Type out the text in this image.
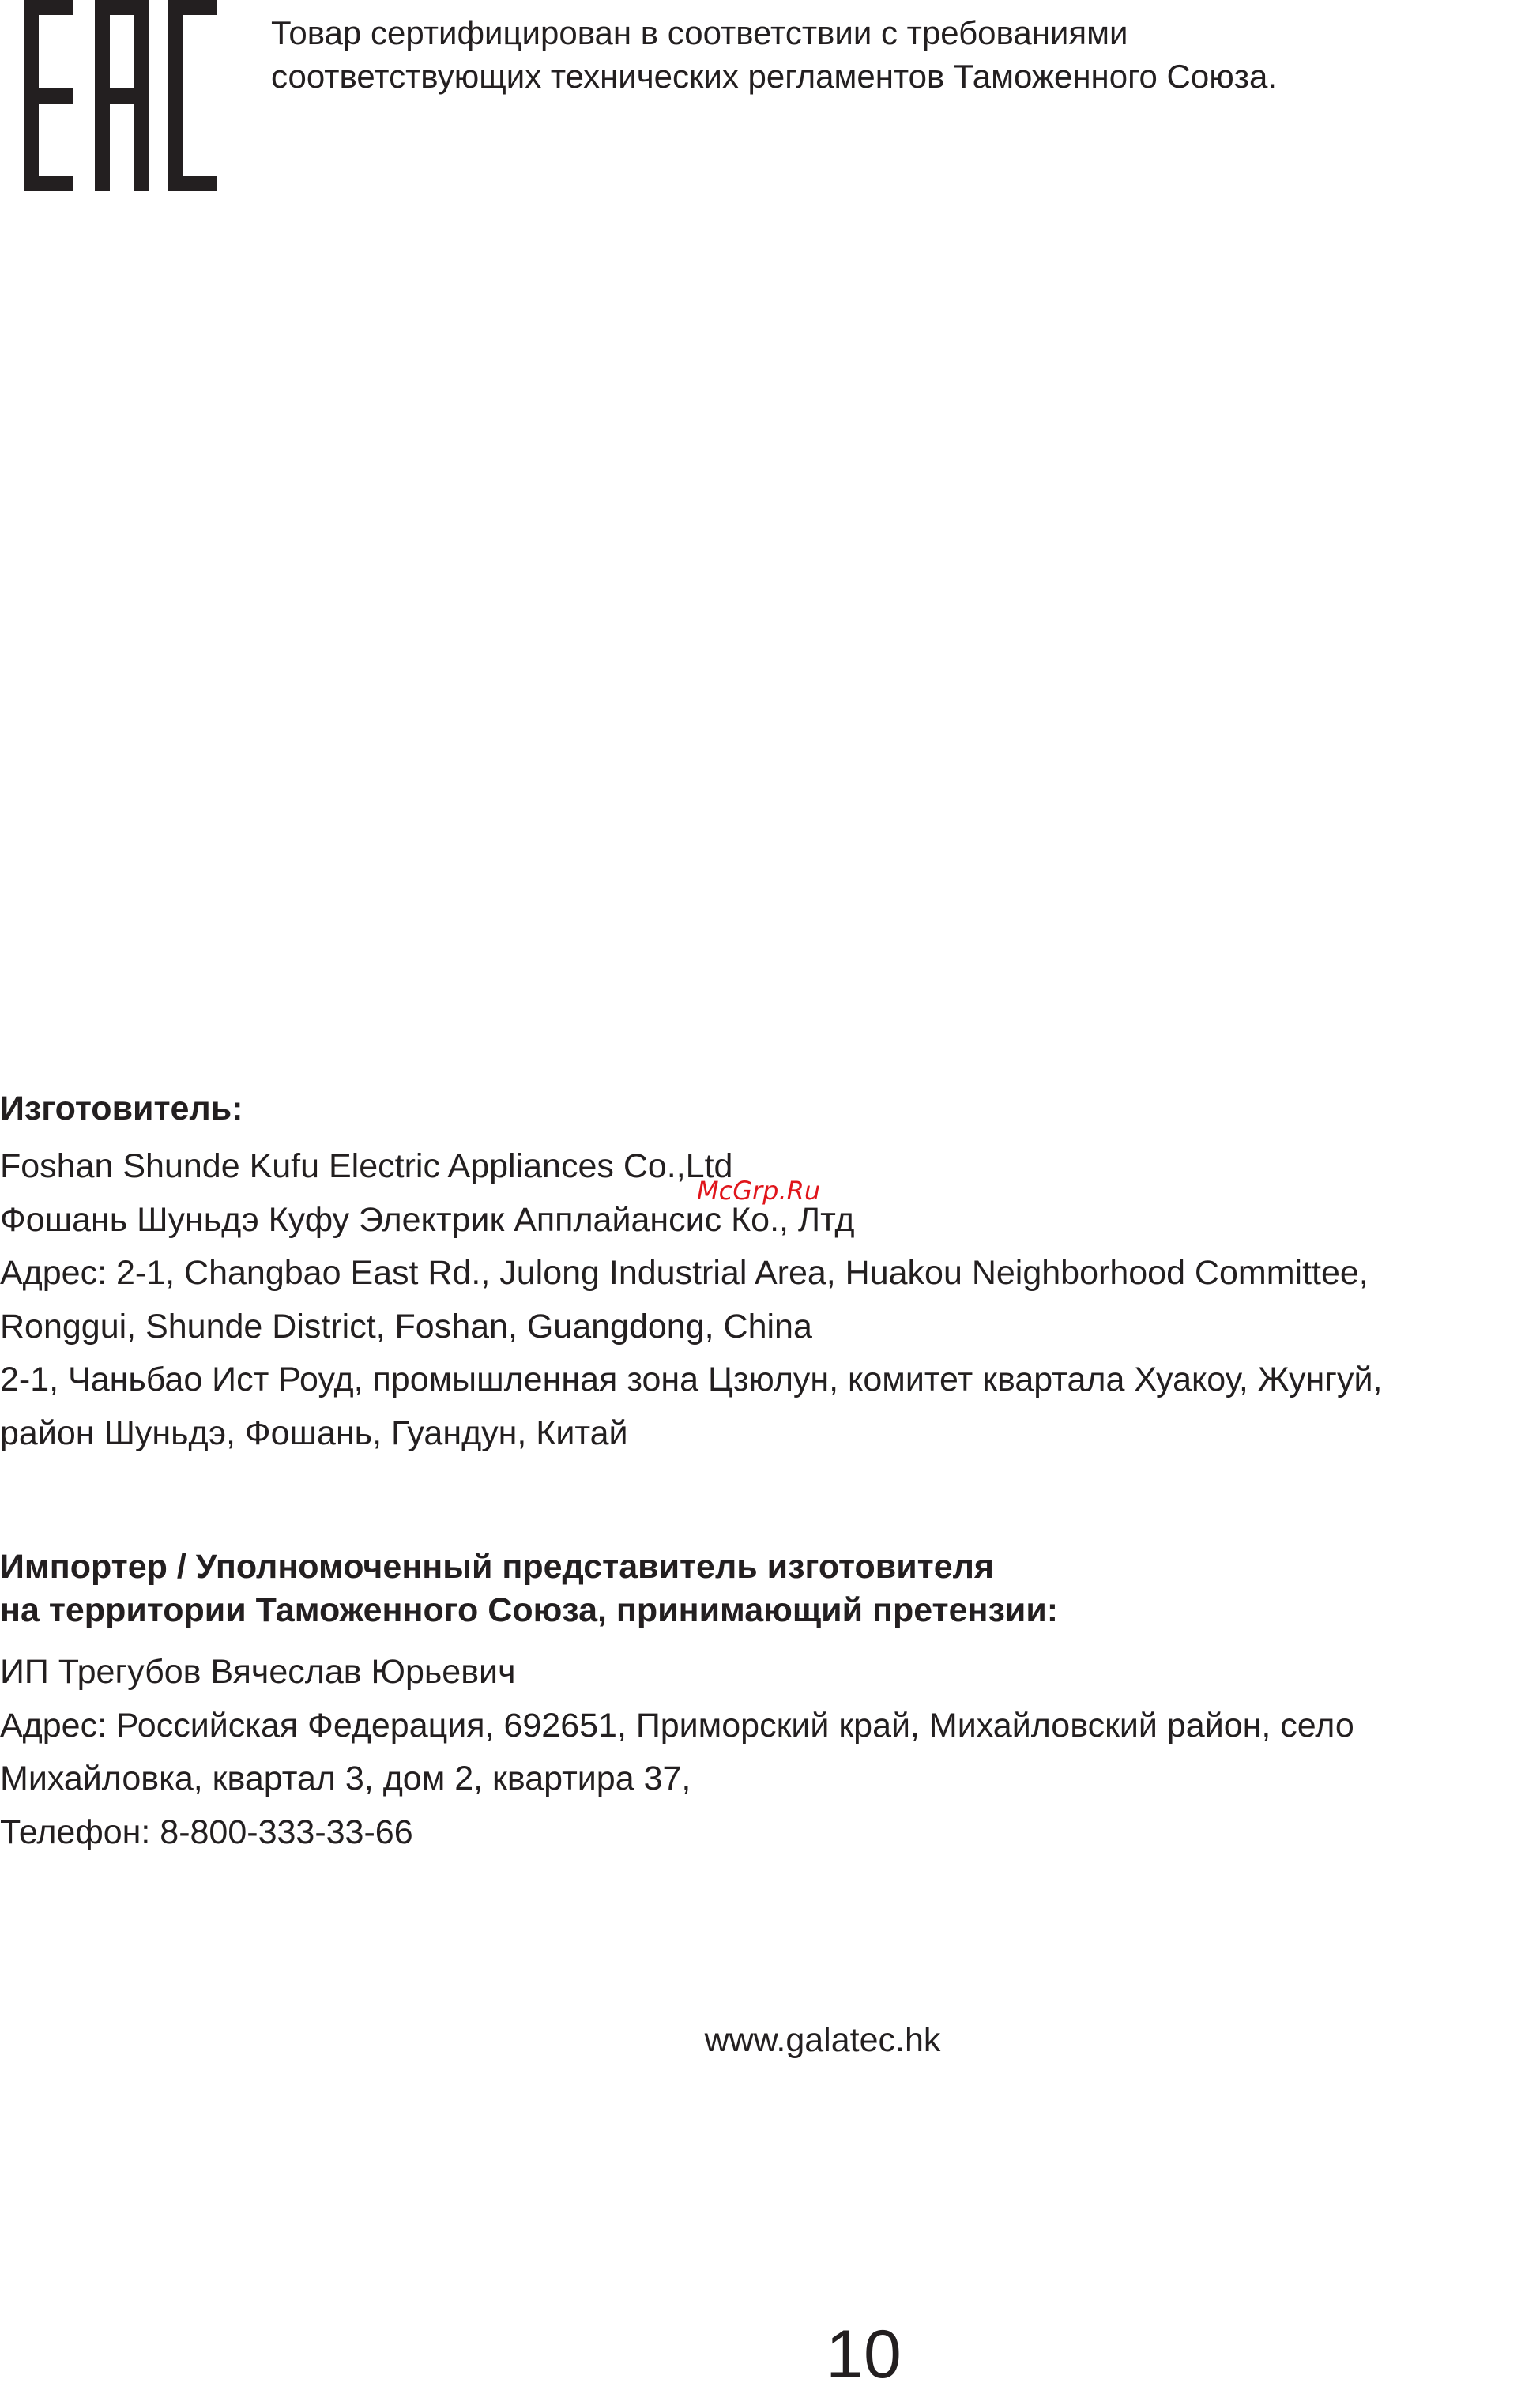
Товар сертифицирован в соответствии с требованиями
соответствующих технических регламентов Таможенного Союза.
Изготовитель:
Foshan Shunde Kufu Electric Appliances Co.,Ltd
Фошань Шуньдэ Куфу Электрик Апплайансис Ко., Лтд
Адрес: 2-1, Changbao East Rd., Julong Industrial Area, Huakou Neighborhood Committee,
Ronggui, Shunde District, Foshan, Guangdong, China
2-1, Чаньбао Ист Роуд, промышленная зона Цзюлун, комитет квартала Хуакоу, Жунгуй,
район Шуньдэ, Фошань, Гуандун, Китай
McGrp.Ru
Импортер / Уполномоченный представитель изготовителя
на территории Таможенного Союза, принимающий претензии:
ИП Трегубов Вячеслав Юрьевич
Адрес: Российская Федерация, 692651, Приморский край, Михайловский район, село
Михайловка, квартал 3, дом 2, квартира 37,
Телефон: 8-800-333-33-66
www.galatec.hk
10
